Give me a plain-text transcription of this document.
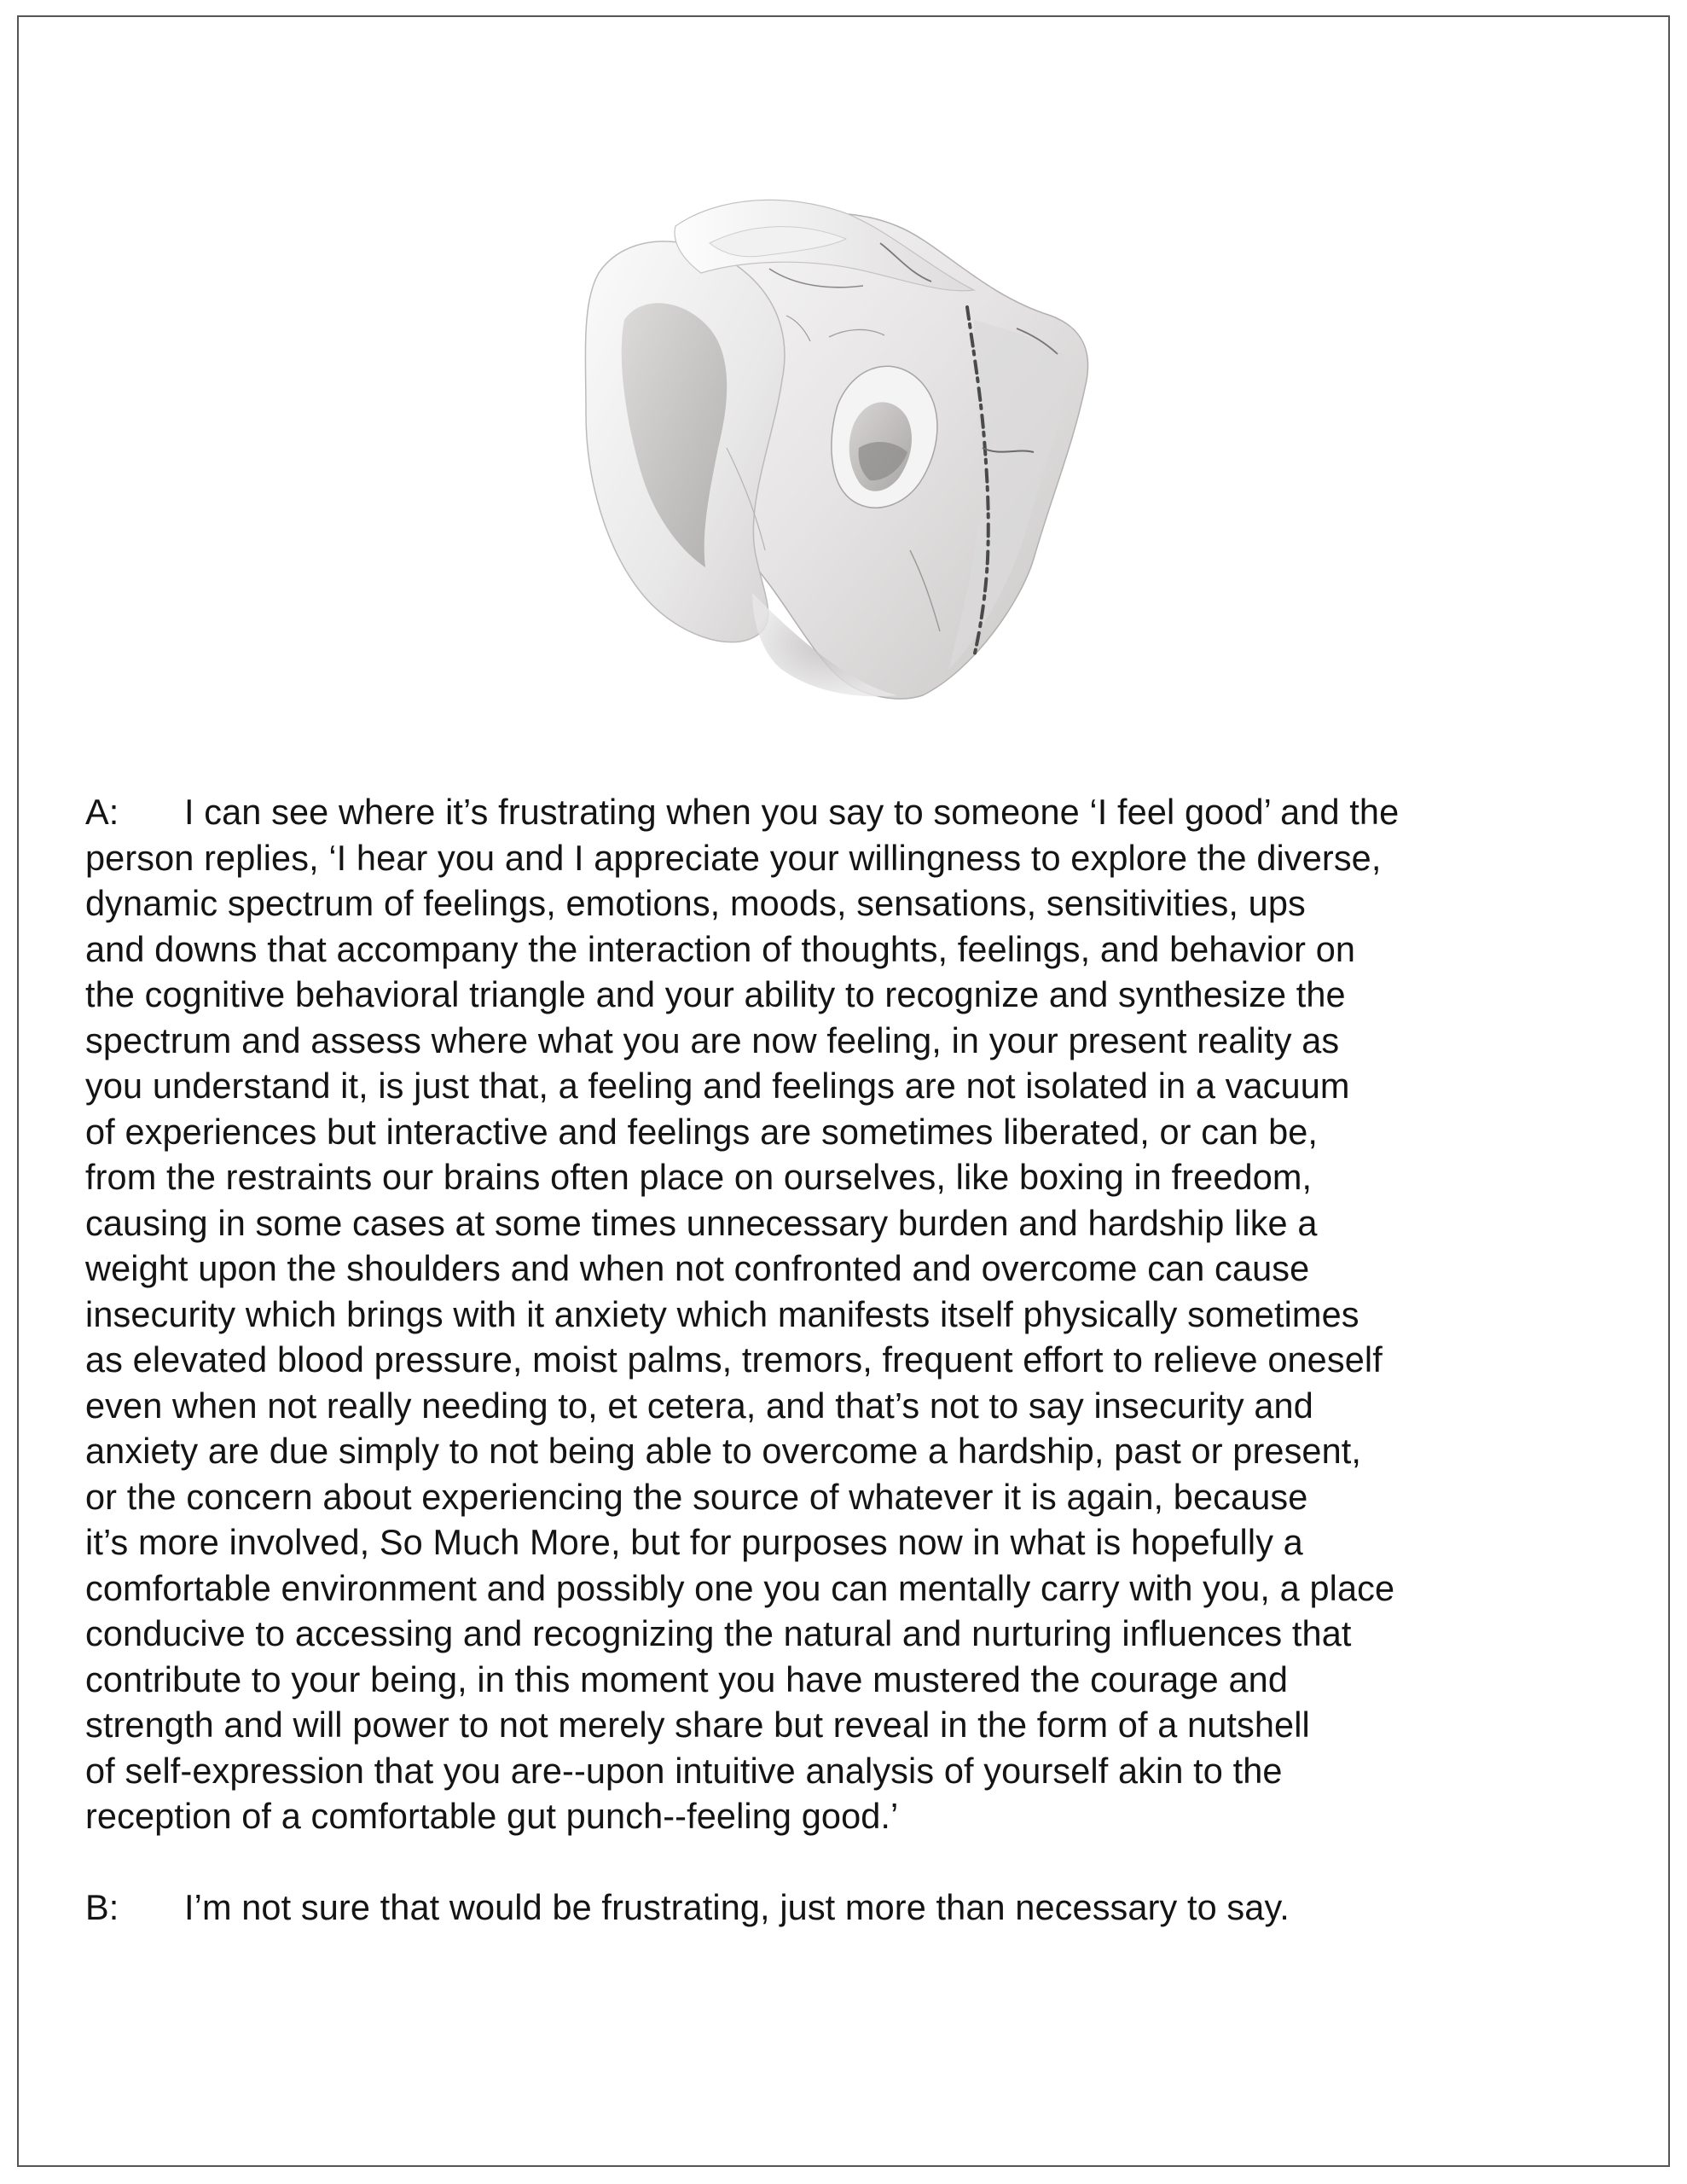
A: I can see where it’s frustrating when you say to someone ‘I feel good’ and the
person replies, ‘I hear you and I appreciate your willingness to explore the diverse,
dynamic spectrum of feelings, emotions, moods, sensations, sensitivities, ups
and downs that accompany the interaction of thoughts, feelings, and behavior on
the cognitive behavioral triangle and your ability to recognize and synthesize the
spectrum and assess where what you are now feeling, in your present reality as
you understand it, is just that, a feeling and feelings are not isolated in a vacuum
of experiences but interactive and feelings are sometimes liberated, or can be,
from the restraints our brains often place on ourselves, like boxing in freedom,
causing in some cases at some times unnecessary burden and hardship like a
weight upon the shoulders and when not confronted and overcome can cause
insecurity which brings with it anxiety which manifests itself physically sometimes
as elevated blood pressure, moist palms, tremors, frequent effort to relieve oneself
even when not really needing to, et cetera, and that’s not to say insecurity and
anxiety are due simply to not being able to overcome a hardship, past or present,
or the concern about experiencing the source of whatever it is again, because
it’s more involved, So Much More, but for purposes now in what is hopefully a
comfortable environment and possibly one you can mentally carry with you, a place
conducive to accessing and recognizing the natural and nurturing influences that
contribute to your being, in this moment you have mustered the courage and
strength and will power to not merely share but reveal in the form of a nutshell
of self-expression that you are--upon intuitive analysis of yourself akin to the
reception of a comfortable gut punch--feeling good.’

B: I’m not sure that would be frustrating, just more than necessary to say.
